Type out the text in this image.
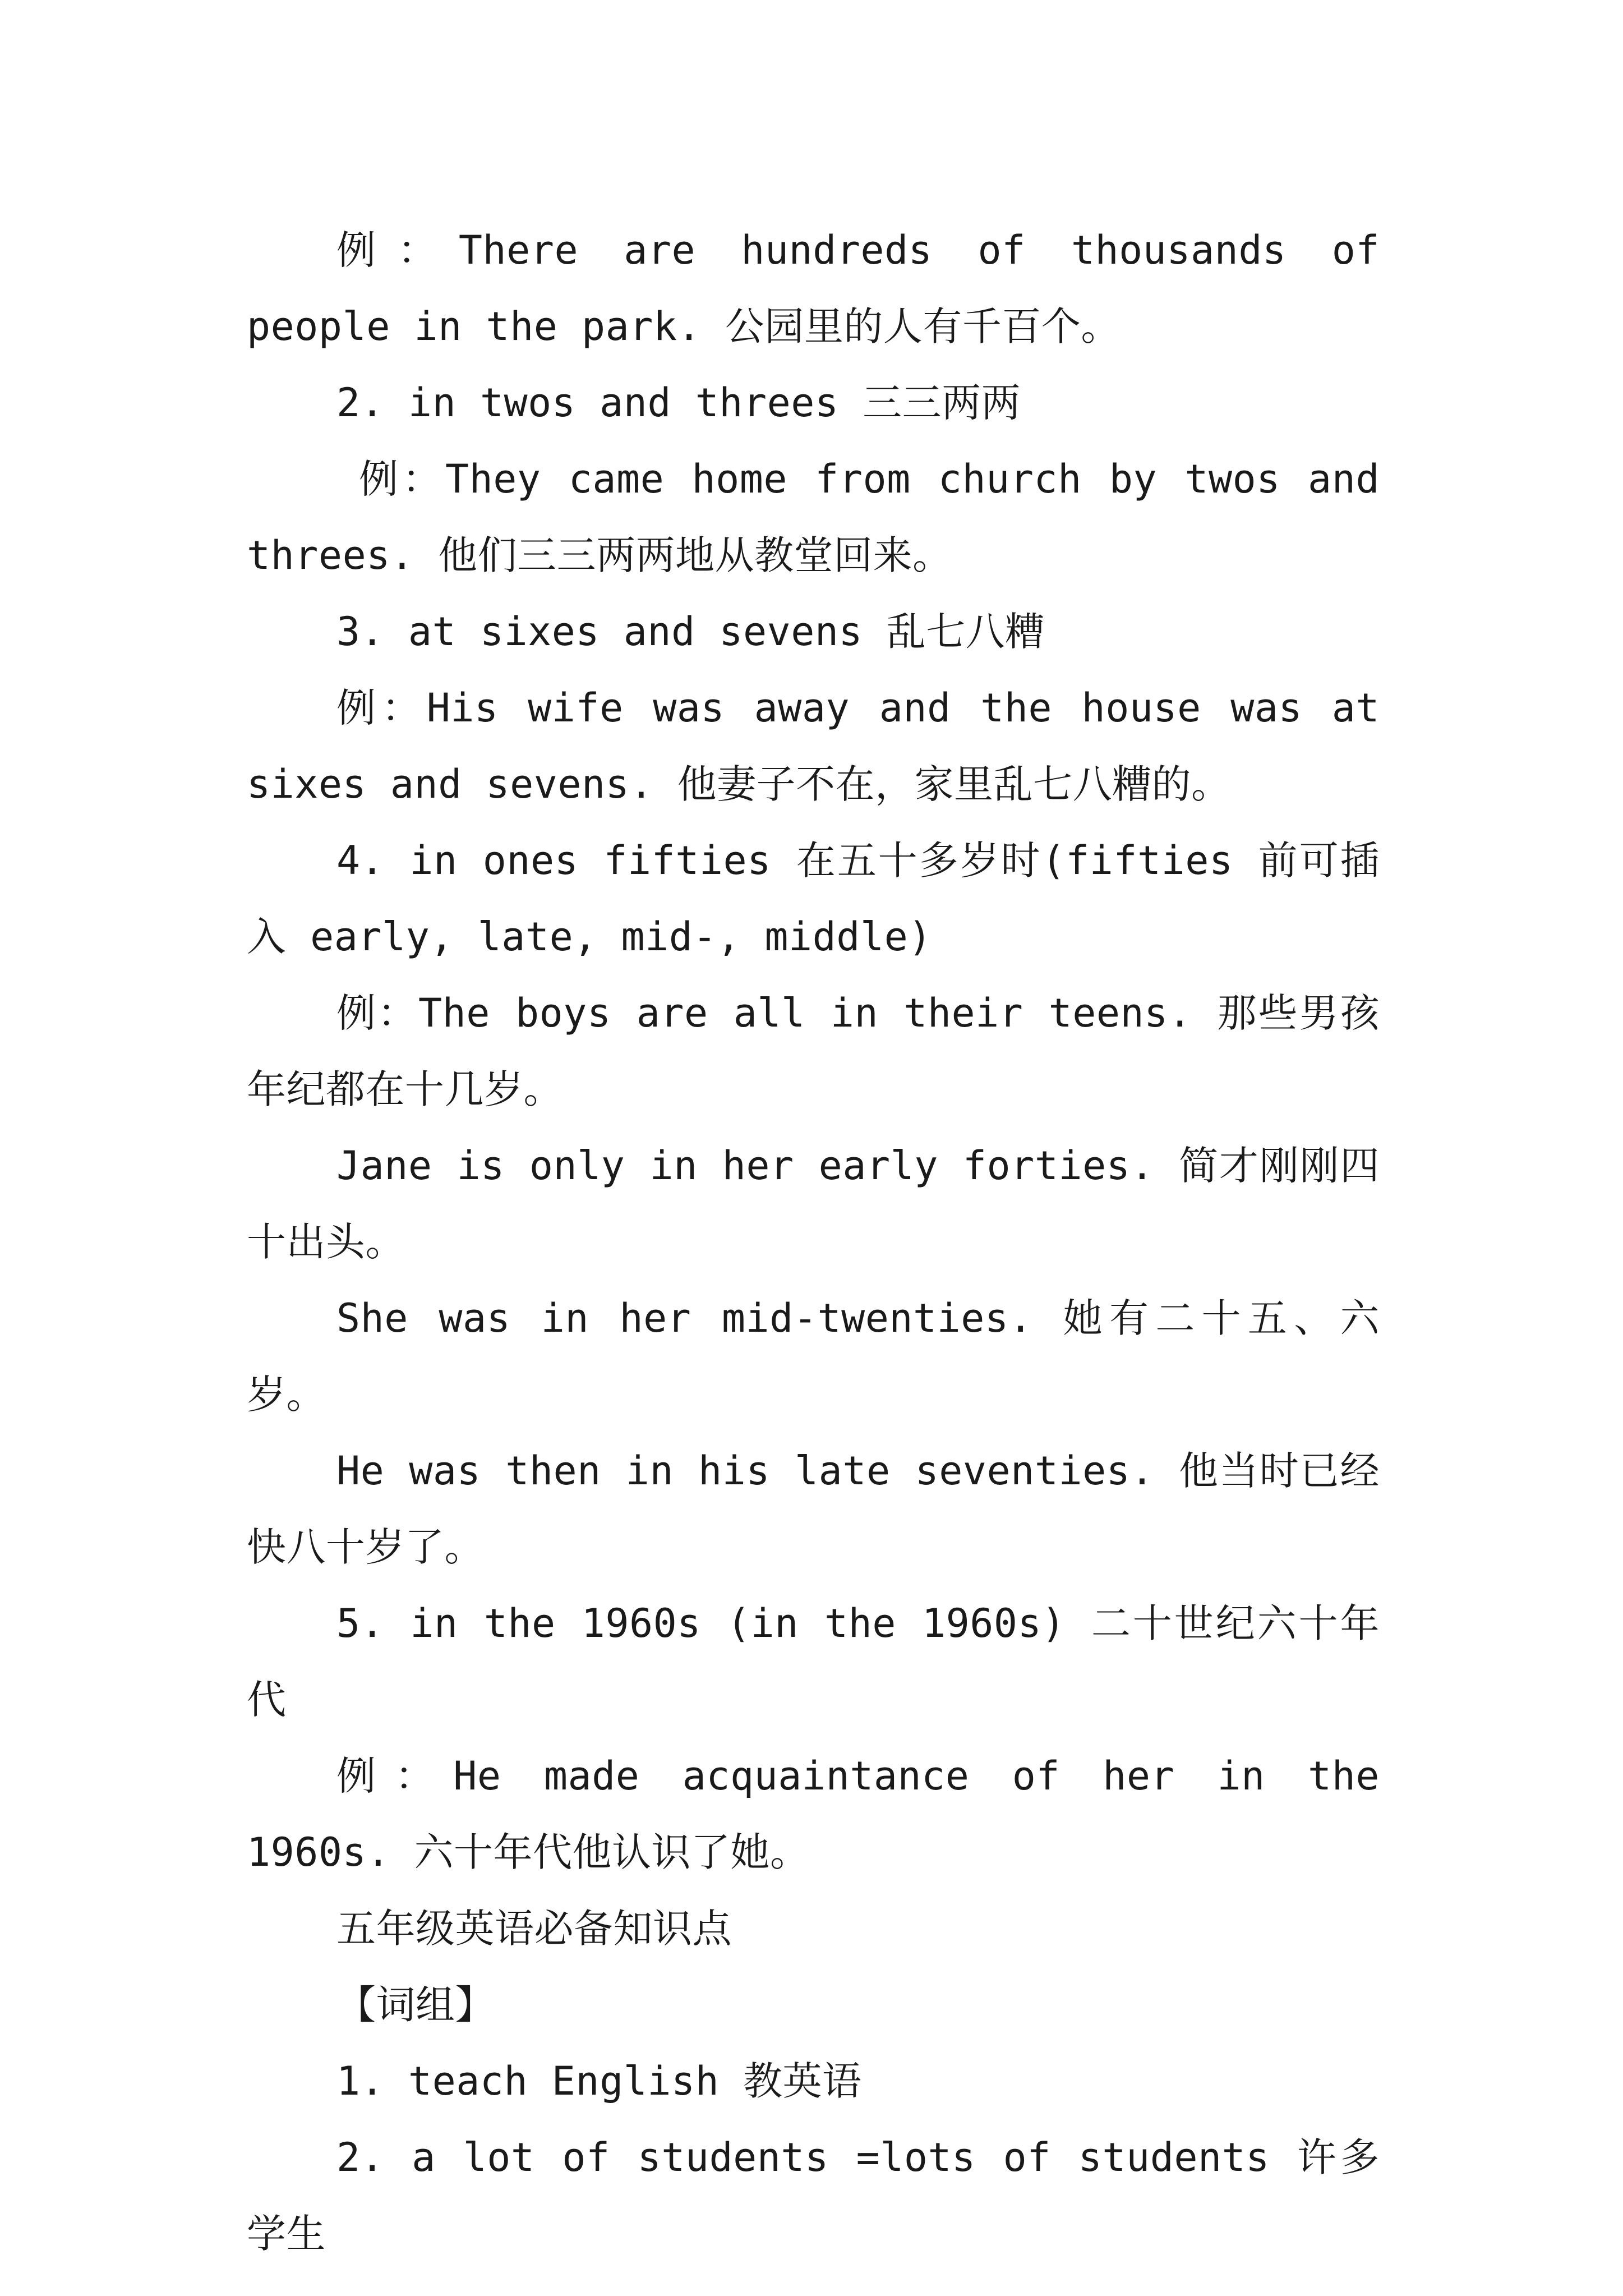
例：There are hundreds of thousands of people in the park. 公园里的人有千百个。

2. in twos and threes 三三两两

例：They came home from church by twos and threes. 他们三三两两地从教堂回来。

3. at sixes and sevens 乱七八糟

例：His wife was away and the house was at sixes and sevens. 他妻子不在，家里乱七八糟的。

4. in ones fifties 在五十多岁时(fifties 前可插入 early, late, mid-, middle)

例：The boys are all in their teens. 那些男孩年纪都在十几岁。

Jane is only in her early forties. 简才刚刚四十出头。

She was in her mid-twenties. 她有二十五、六岁。

He was then in his late seventies. 他当时已经快八十岁了。

5. in the 1960s (in the 1960s) 二十世纪六十年代

例：He made acquaintance of her in the 1960s. 六十年代他认识了她。

五年级英语必备知识点

【词组】

1. teach English 教英语

2. a lot of students =lots of students 许多学生
